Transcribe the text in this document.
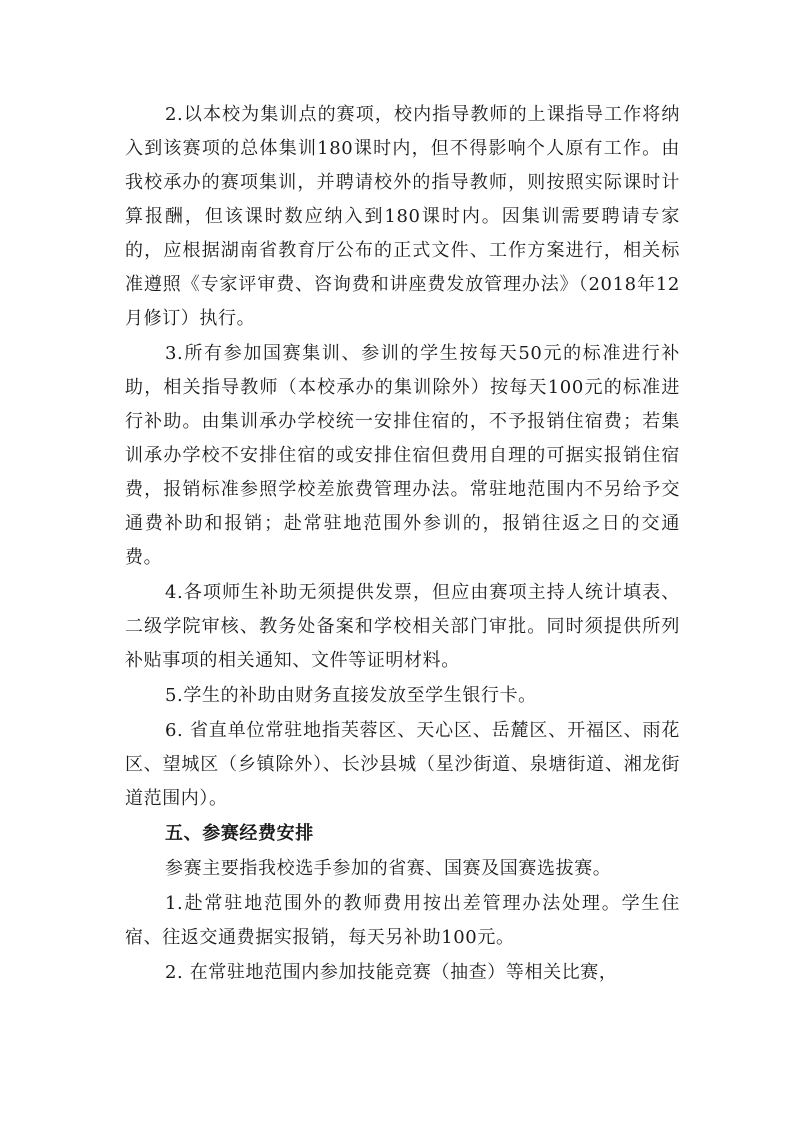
2.以本校为集训点的赛项，校内指导教师的上课指导工作将纳入到该赛项的总体集训180课时内，但不得影响个人原有工作。由我校承办的赛项集训，并聘请校外的指导教师，则按照实际课时计算报酬，但该课时数应纳入到180课时内。因集训需要聘请专家的，应根据湖南省教育厅公布的正式文件、工作方案进行，相关标准遵照《专家评审费、咨询费和讲座费发放管理办法》（2018年12月修订）执行。

3.所有参加国赛集训、参训的学生按每天50元的标准进行补助，相关指导教师（本校承办的集训除外）按每天100元的标准进行补助。由集训承办学校统一安排住宿的，不予报销住宿费；若集训承办学校不安排住宿的或安排住宿但费用自理的可据实报销住宿费，报销标准参照学校差旅费管理办法。常驻地范围内不另给予交通费补助和报销；赴常驻地范围外参训的，报销往返之日的交通费。

4.各项师生补助无须提供发票，但应由赛项主持人统计填表、二级学院审核、教务处备案和学校相关部门审批。同时须提供所列补贴事项的相关通知、文件等证明材料。

5.学生的补助由财务直接发放至学生银行卡。

6. 省直单位常驻地指芙蓉区、天心区、岳麓区、开福区、雨花区、望城区（乡镇除外）、长沙县城（星沙街道、泉塘街道、湘龙街道范围内）。

五、参赛经费安排

参赛主要指我校选手参加的省赛、国赛及国赛选拔赛。

1.赴常驻地范围外的教师费用按出差管理办法处理。学生住宿、往返交通费据实报销，每天另补助100元。

2. 在常驻地范围内参加技能竞赛（抽查）等相关比赛，
